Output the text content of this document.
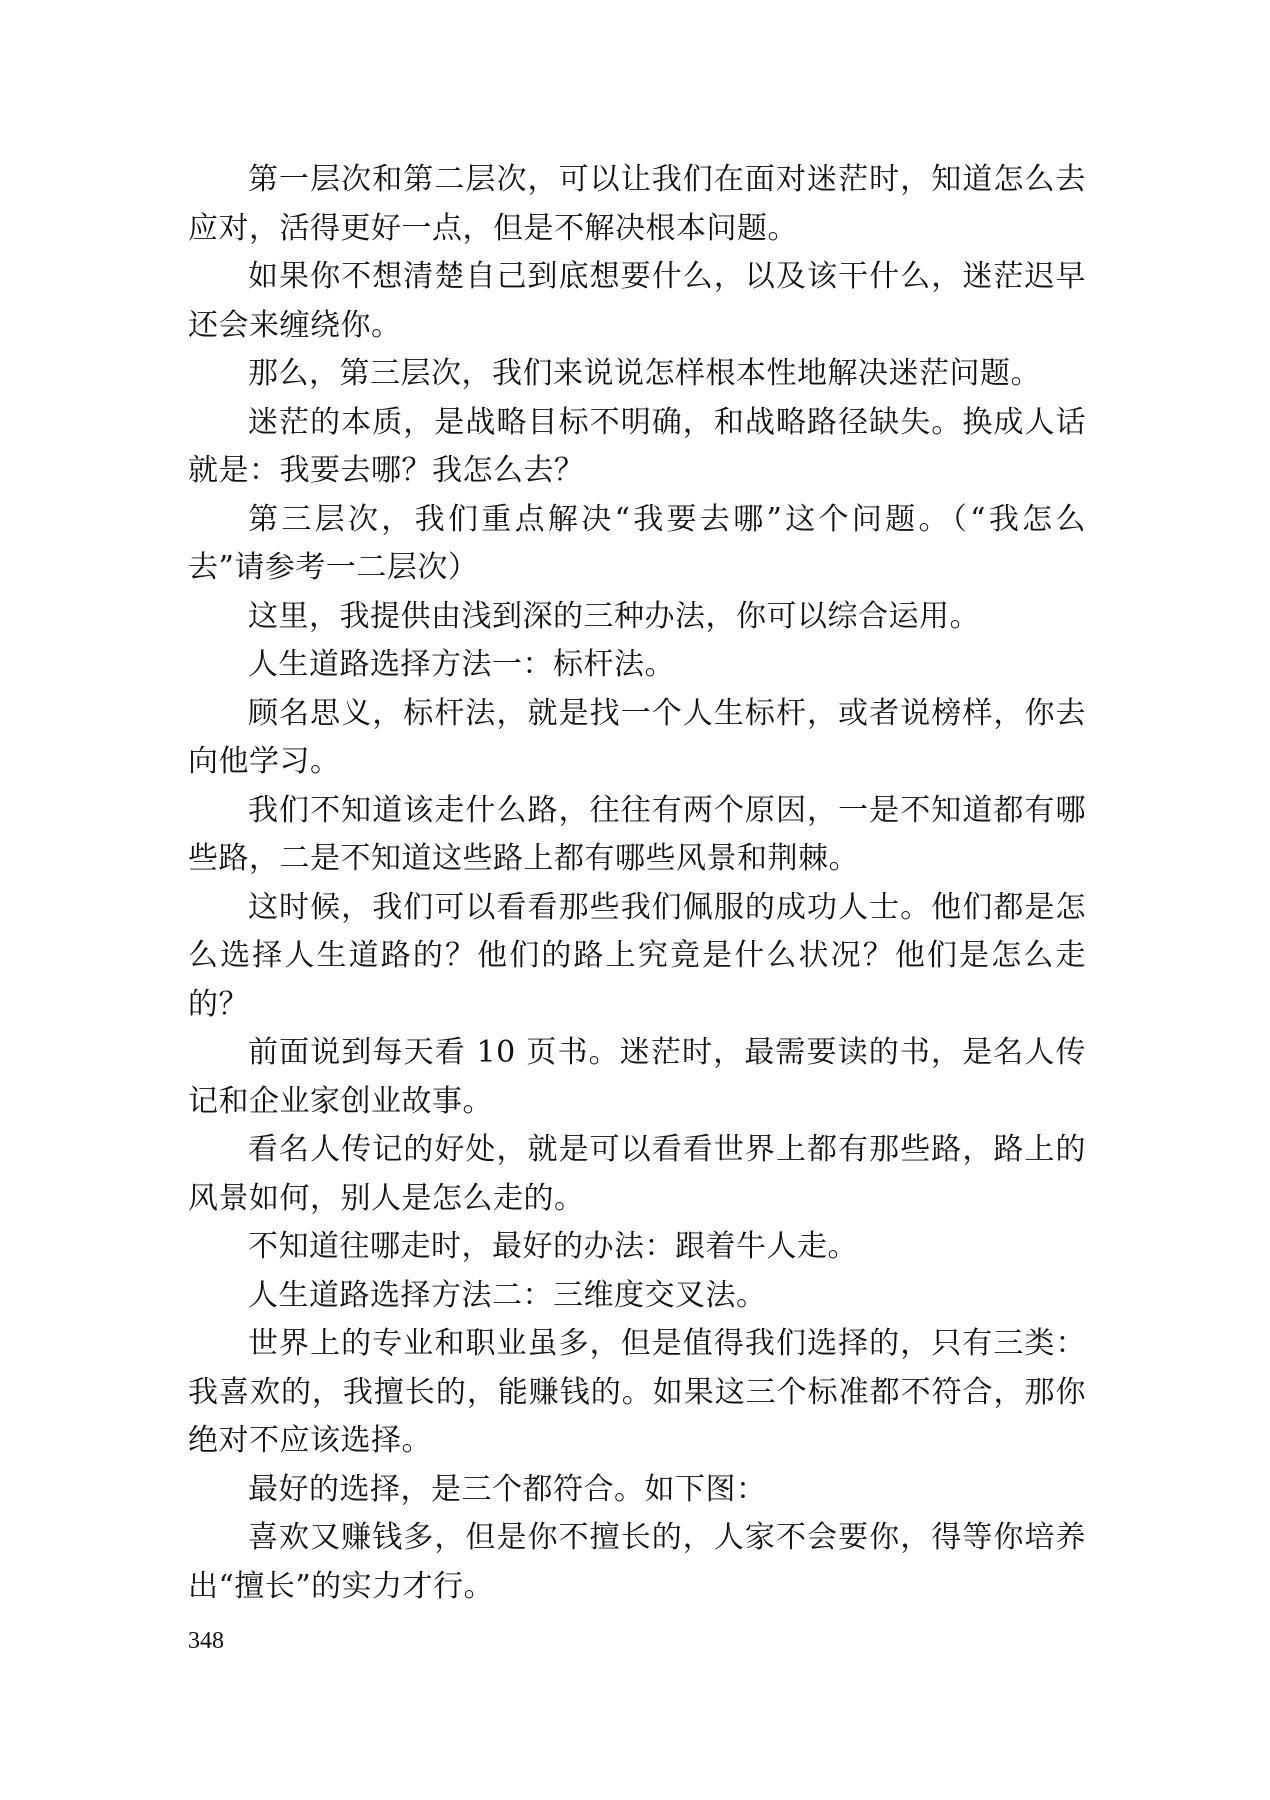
第一层次和第二层次，可以让我们在面对迷茫时，知道怎么去应对，活得更好一点，但是不解决根本问题。

如果你不想清楚自己到底想要什么，以及该干什么，迷茫迟早还会来缠绕你。

那么，第三层次，我们来说说怎样根本性地解决迷茫问题。

迷茫的本质，是战略目标不明确，和战略路径缺失。换成人话就是：我要去哪？我怎么去？

第三层次，我们重点解决“我要去哪”这个问题。（“我怎么去”请参考一二层次）

这里，我提供由浅到深的三种办法，你可以综合运用。

人生道路选择方法一：标杆法。

顾名思义，标杆法，就是找一个人生标杆，或者说榜样，你去向他学习。

我们不知道该走什么路，往往有两个原因，一是不知道都有哪些路，二是不知道这些路上都有哪些风景和荆棘。

这时候，我们可以看看那些我们佩服的成功人士。他们都是怎么选择人生道路的？他们的路上究竟是什么状况？他们是怎么走的？

前面说到每天看 10 页书。迷茫时，最需要读的书，是名人传记和企业家创业故事。

看名人传记的好处，就是可以看看世界上都有那些路，路上的风景如何，别人是怎么走的。

不知道往哪走时，最好的办法：跟着牛人走。

人生道路选择方法二：三维度交叉法。

世界上的专业和职业虽多，但是值得我们选择的，只有三类：我喜欢的，我擅长的，能赚钱的。如果这三个标准都不符合，那你绝对不应该选择。

最好的选择，是三个都符合。如下图：

喜欢又赚钱多，但是你不擅长的，人家不会要你，得等你培养出“擅长”的实力才行。

348
